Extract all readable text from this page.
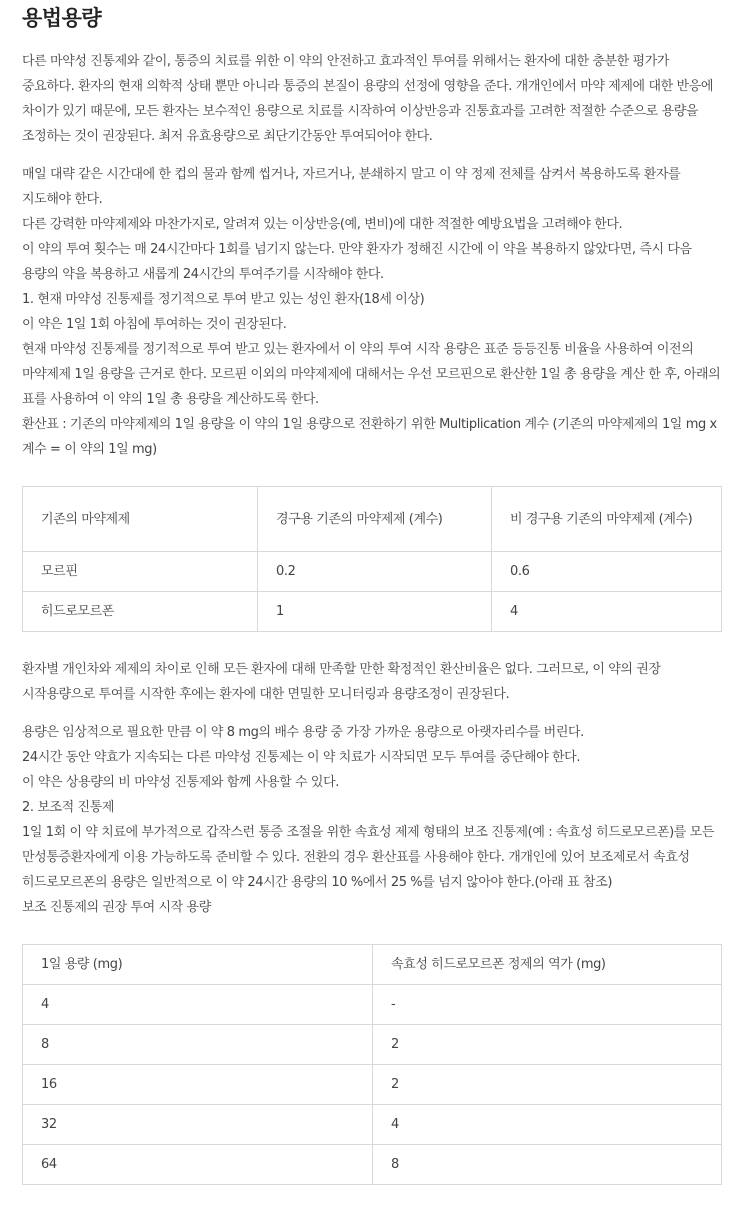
용법용량

다른 마약성 진통제와 같이, 통증의 치료를 위한 이 약의 안전하고 효과적인 투여를 위해서는 환자에 대한 충분한 평가가 중요하다. 환자의 현재 의학적 상태 뿐만 아니라 통증의 본질이 용량의 선정에 영향을 준다. 개개인에서 마약 제제에 대한 반응에 차이가 있기 때문에, 모든 환자는 보수적인 용량으로 치료를 시작하여 이상반응과 진통효과를 고려한 적절한 수준으로 용량을 조정하는 것이 권장된다. 최저 유효용량으로 최단기간동안 투여되어야 한다.

매일 대략 같은 시간대에 한 컵의 물과 함께 씹거나, 자르거나, 분쇄하지 말고 이 약 정제 전체를 삼켜서 복용하도록 환자를 지도해야 한다.

다른 강력한 마약제제와 마찬가지로, 알려져 있는 이상반응(예, 변비)에 대한 적절한 예방요법을 고려해야 한다.

이 약의 투여 횟수는 매 24시간마다 1회를 넘기지 않는다. 만약 환자가 정해진 시간에 이 약을 복용하지 않았다면, 즉시 다음 용량의 약을 복용하고 새롭게 24시간의 투여주기를 시작해야 한다.

1. 현재 마약성 진통제를 정기적으로 투여 받고 있는 성인 환자(18세 이상)

이 약은 1일 1회 아침에 투여하는 것이 권장된다.

현재 마약성 진통제를 정기적으로 투여 받고 있는 환자에서 이 약의 투여 시작 용량은 표준 등등진통 비율을 사용하여 이전의 마약제제 1일 용량을 근거로 한다. 모르핀 이외의 마약제제에 대해서는 우선 모르핀으로 환산한 1일 총 용량을 계산 한 후, 아래의 표를 사용하여 이 약의 1일 총 용량을 계산하도록 한다.

환산표 : 기존의 마약제제의 1일 용량을 이 약의 1일 용량으로 전환하기 위한 Multiplication 계수 (기존의 마약제제의 1일 mg x 계수 = 이 약의 1일 mg)

기존의 마약제제	경구용 기존의 마약제제 (계수)	비 경구용 기존의 마약제제 (계수)
모르핀	0.2	0.6
히드로모르폰	1	4

환자별 개인차와 제제의 차이로 인해 모든 환자에 대해 만족할 만한 확정적인 환산비율은 없다. 그러므로, 이 약의 권장 시작용량으로 투여를 시작한 후에는 환자에 대한 면밀한 모니터링과 용량조정이 권장된다.

용량은 임상적으로 필요한 만큼 이 약 8 mg의 배수 용량 중 가장 가까운 용량으로 아랫자리수를 버린다.

24시간 동안 약효가 지속되는 다른 마약성 진통제는 이 약 치료가 시작되면 모두 투여를 중단해야 한다.

이 약은 상용량의 비 마약성 진통제와 함께 사용할 수 있다.

2. 보조적 진통제

1일 1회 이 약 치료에 부가적으로 갑작스런 통증 조절을 위한 속효성 제제 형태의 보조 진통제(예 : 속효성 히드로모르폰)를 모든 만성통증환자에게 이용 가능하도록 준비할 수 있다. 전환의 경우 환산표를 사용해야 한다. 개개인에 있어 보조제로서 속효성 히드로모르폰의 용량은 일반적으로 이 약 24시간 용량의 10 %에서 25 %를 넘지 않아야 한다.(아래 표 참조)

보조 진통제의 권장 투여 시작 용량

1일 용량 (mg)	속효성 히드로모르폰 정제의 역가 (mg)
4	-
8	2
16	2
32	4
64	8
